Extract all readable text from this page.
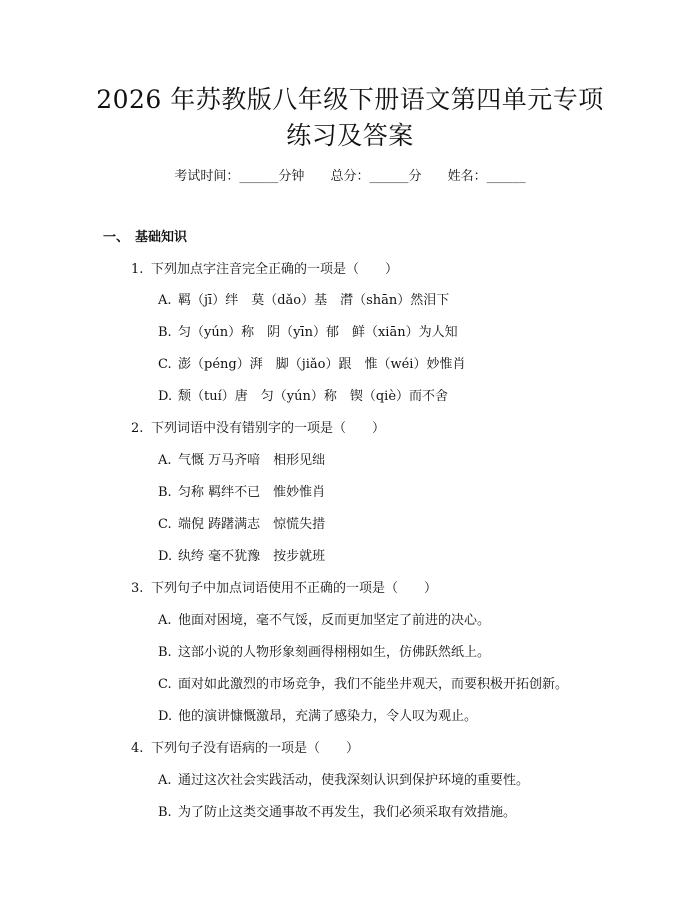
2026 年苏教版八年级下册语文第四单元专项
练习及答案
考试时间：______分钟 总分：______分 姓名：______
一、 基础知识
1. 下列加点字注音完全正确的一项是（　　）
A. 羁（jī）绊　莫（dǎo）基　潸（shān）然泪下
B. 匀（yún）称　阴（yīn）郁　鲜（xiān）为人知
C. 澎（péng）湃　脚（jiǎo）跟　惟（wéi）妙惟肖
D. 颓（tuí）唐　匀（yún）称　锲（qiè）而不舍
2. 下列词语中没有错别字的一项是（　　）
A. 气慨 万马齐喑　相形见绌
B. 匀称 羁绊不已　惟妙惟肖
C. 端倪 踌躇满志　惊慌失措
D. 纨绔 毫不犹豫　按步就班
3. 下列句子中加点词语使用不正确的一项是（　　）
A. 他面对困境，毫不气馁，反而更加坚定了前进的决心。
B. 这部小说的人物形象刻画得栩栩如生，仿佛跃然纸上。
C. 面对如此激烈的市场竞争，我们不能坐井观天，而要积极开拓创新。
D. 他的演讲慷慨激昂，充满了感染力，令人叹为观止。
4. 下列句子没有语病的一项是（　　）
A. 通过这次社会实践活动，使我深刻认识到保护环境的重要性。
B. 为了防止这类交通事故不再发生，我们必须采取有效措施。
